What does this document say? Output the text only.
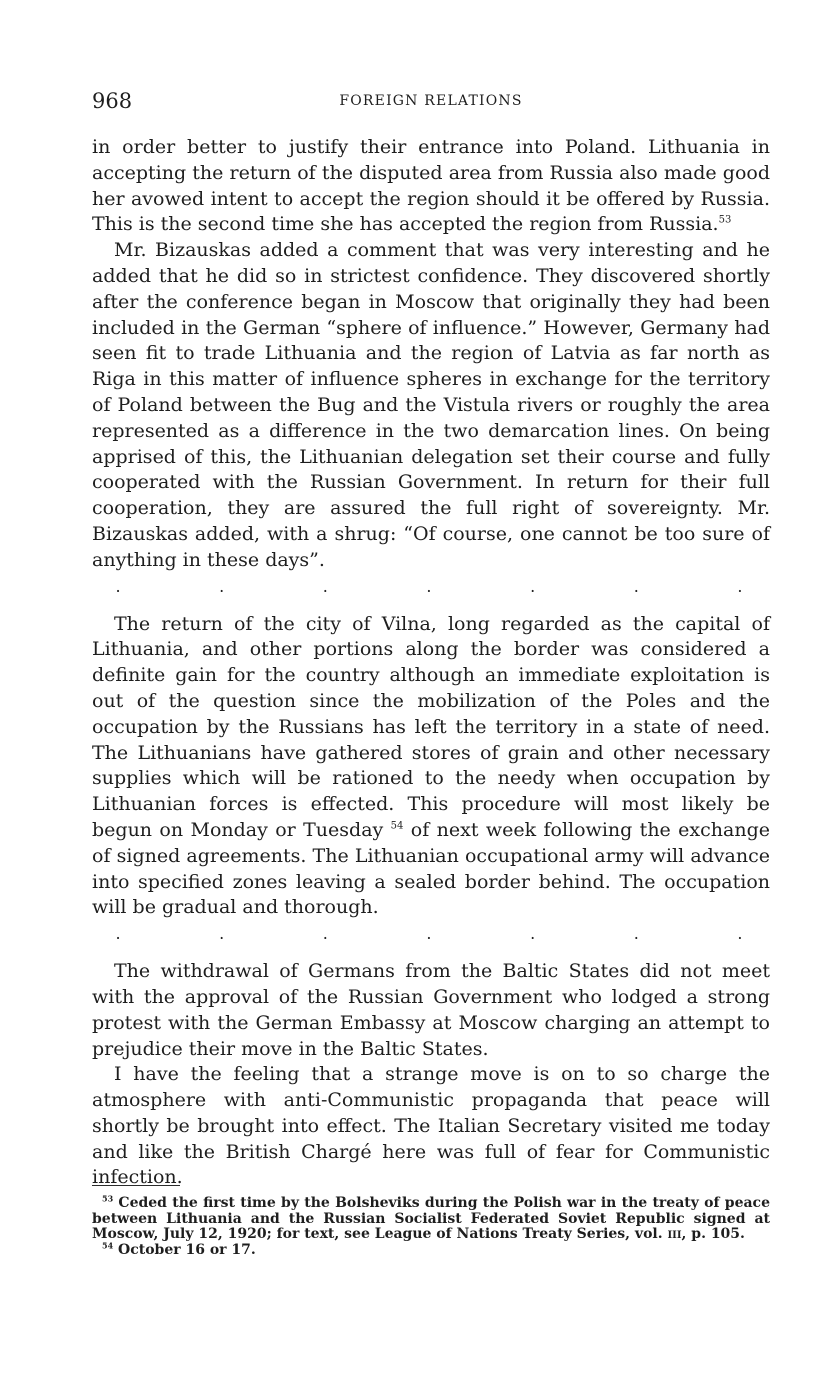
968	FOREIGN RELATIONS

in order better to justify their entrance into Poland. Lithuania in accepting the return of the disputed area from Russia also made good her avowed intent to accept the region should it be offered by Russia. This is the second time she has accepted the region from Russia.$^{53}$

Mr. Bizauskas added a comment that was very interesting and he added that he did so in strictest confidence. They discovered shortly after the conference began in Moscow that originally they had been included in the German “sphere of influence.” However, Germany had seen fit to trade Lithuania and the region of Latvia as far north as Riga in this matter of influence spheres in exchange for the territory of Poland between the Bug and the Vistula rivers or roughly the area represented as a difference in the two demarcation lines. On being apprised of this, the Lithuanian delegation set their course and fully cooperated with the Russian Government. In return for their full cooperation, they are assured the full right of sovereignty. Mr. Bizauskas added, with a shrug: “Of course, one cannot be too sure of anything in these days”.

.	.	.	.	.	.	.

The return of the city of Vilna, long regarded as the capital of Lithuania, and other portions along the border was considered a definite gain for the country although an immediate exploitation is out of the question since the mobilization of the Poles and the occupation by the Russians has left the territory in a state of need. The Lithuanians have gathered stores of grain and other necessary supplies which will be rationed to the needy when occupation by Lithuanian forces is effected. This procedure will most likely be begun on Monday or Tuesday $^{54}$ of next week following the exchange of signed agreements. The Lithuanian occupational army will advance into specified zones leaving a sealed border behind. The occupation will be gradual and thorough.

.	.	.	.	.	.	.

The withdrawal of Germans from the Baltic States did not meet with the approval of the Russian Government who lodged a strong protest with the German Embassy at Moscow charging an attempt to prejudice their move in the Baltic States.

I have the feeling that a strange move is on to so charge the atmosphere with anti-Communistic propaganda that peace will shortly be brought into effect. The Italian Secretary visited me today and like the British Chargé here was full of fear for Communistic infection.

$^{53}$ Ceded the first time by the Bolsheviks during the Polish war in the treaty of peace between Lithuania and the Russian Socialist Federated Soviet Republic signed at Moscow, July 12, 1920; for text, see League of Nations Treaty Series, vol. iii, p. 105.

$^{54}$ October 16 or 17.
